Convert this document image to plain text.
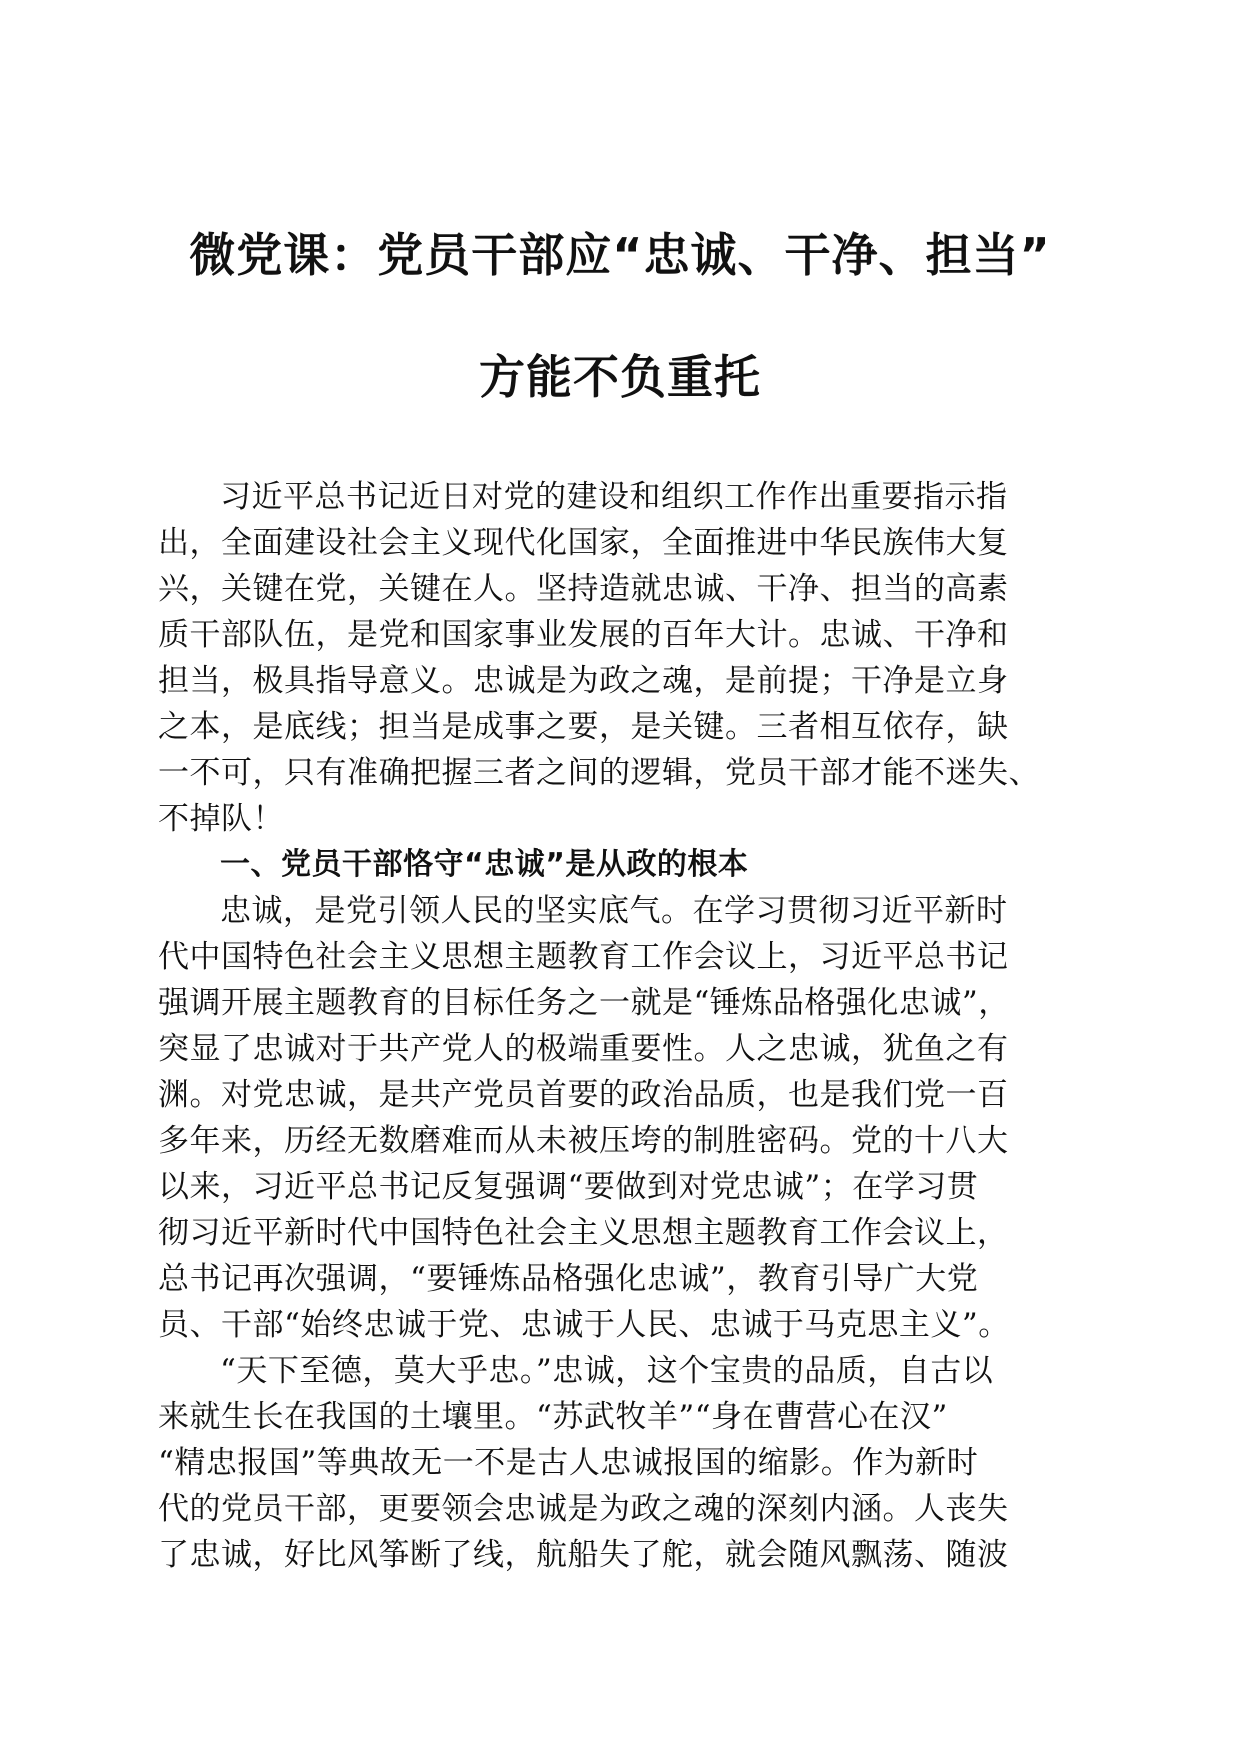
微党课：党员干部应“忠诚、干净、担当”
方能不负重托
习近平总书记近日对党的建设和组织工作作出重要指示指
出，全面建设社会主义现代化国家，全面推进中华民族伟大复
兴，关键在党，关键在人。坚持造就忠诚、干净、担当的高素
质干部队伍，是党和国家事业发展的百年大计。忠诚、干净和
担当，极具指导意义。忠诚是为政之魂，是前提；干净是立身
之本，是底线；担当是成事之要，是关键。三者相互依存，缺
一不可，只有准确把握三者之间的逻辑，党员干部才能不迷失、
不掉队！
一、党员干部恪守“忠诚”是从政的根本
忠诚，是党引领人民的坚实底气。在学习贯彻习近平新时
代中国特色社会主义思想主题教育工作会议上，习近平总书记
强调开展主题教育的目标任务之一就是“锤炼品格强化忠诚”，
突显了忠诚对于共产党人的极端重要性。人之忠诚，犹鱼之有
渊。对党忠诚，是共产党员首要的政治品质，也是我们党一百
多年来，历经无数磨难而从未被压垮的制胜密码。党的十八大
以来，习近平总书记反复强调“要做到对党忠诚”；在学习贯
彻习近平新时代中国特色社会主义思想主题教育工作会议上，
总书记再次强调，“要锤炼品格强化忠诚”，教育引导广大党
员、干部“始终忠诚于党、忠诚于人民、忠诚于马克思主义”。
“天下至德，莫大乎忠。”忠诚，这个宝贵的品质，自古以
来就生长在我国的土壤里。“苏武牧羊”“身在曹营心在汉”
“精忠报国”等典故无一不是古人忠诚报国的缩影。作为新时
代的党员干部，更要领会忠诚是为政之魂的深刻内涵。人丧失
了忠诚，好比风筝断了线，航船失了舵，就会随风飘荡、随波
